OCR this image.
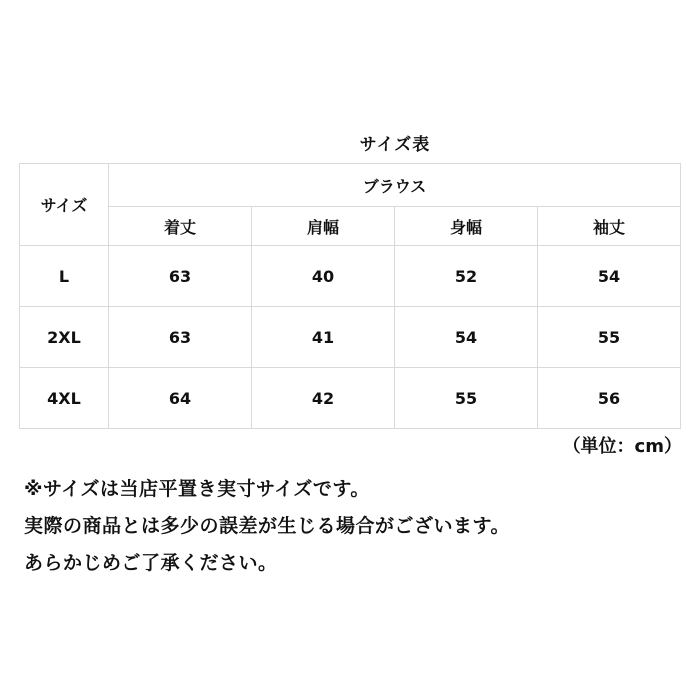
サイズ表
サイズ	ブラウス			
	着丈	肩幅	身幅	袖丈
L	63	40	52	54
2XL	63	41	54	55
4XL	64	42	55	56
（単位：cm）
※サイズは当店平置き実寸サイズです。
実際の商品とは多少の誤差が生じる場合がございます。
あらかじめご了承ください。
